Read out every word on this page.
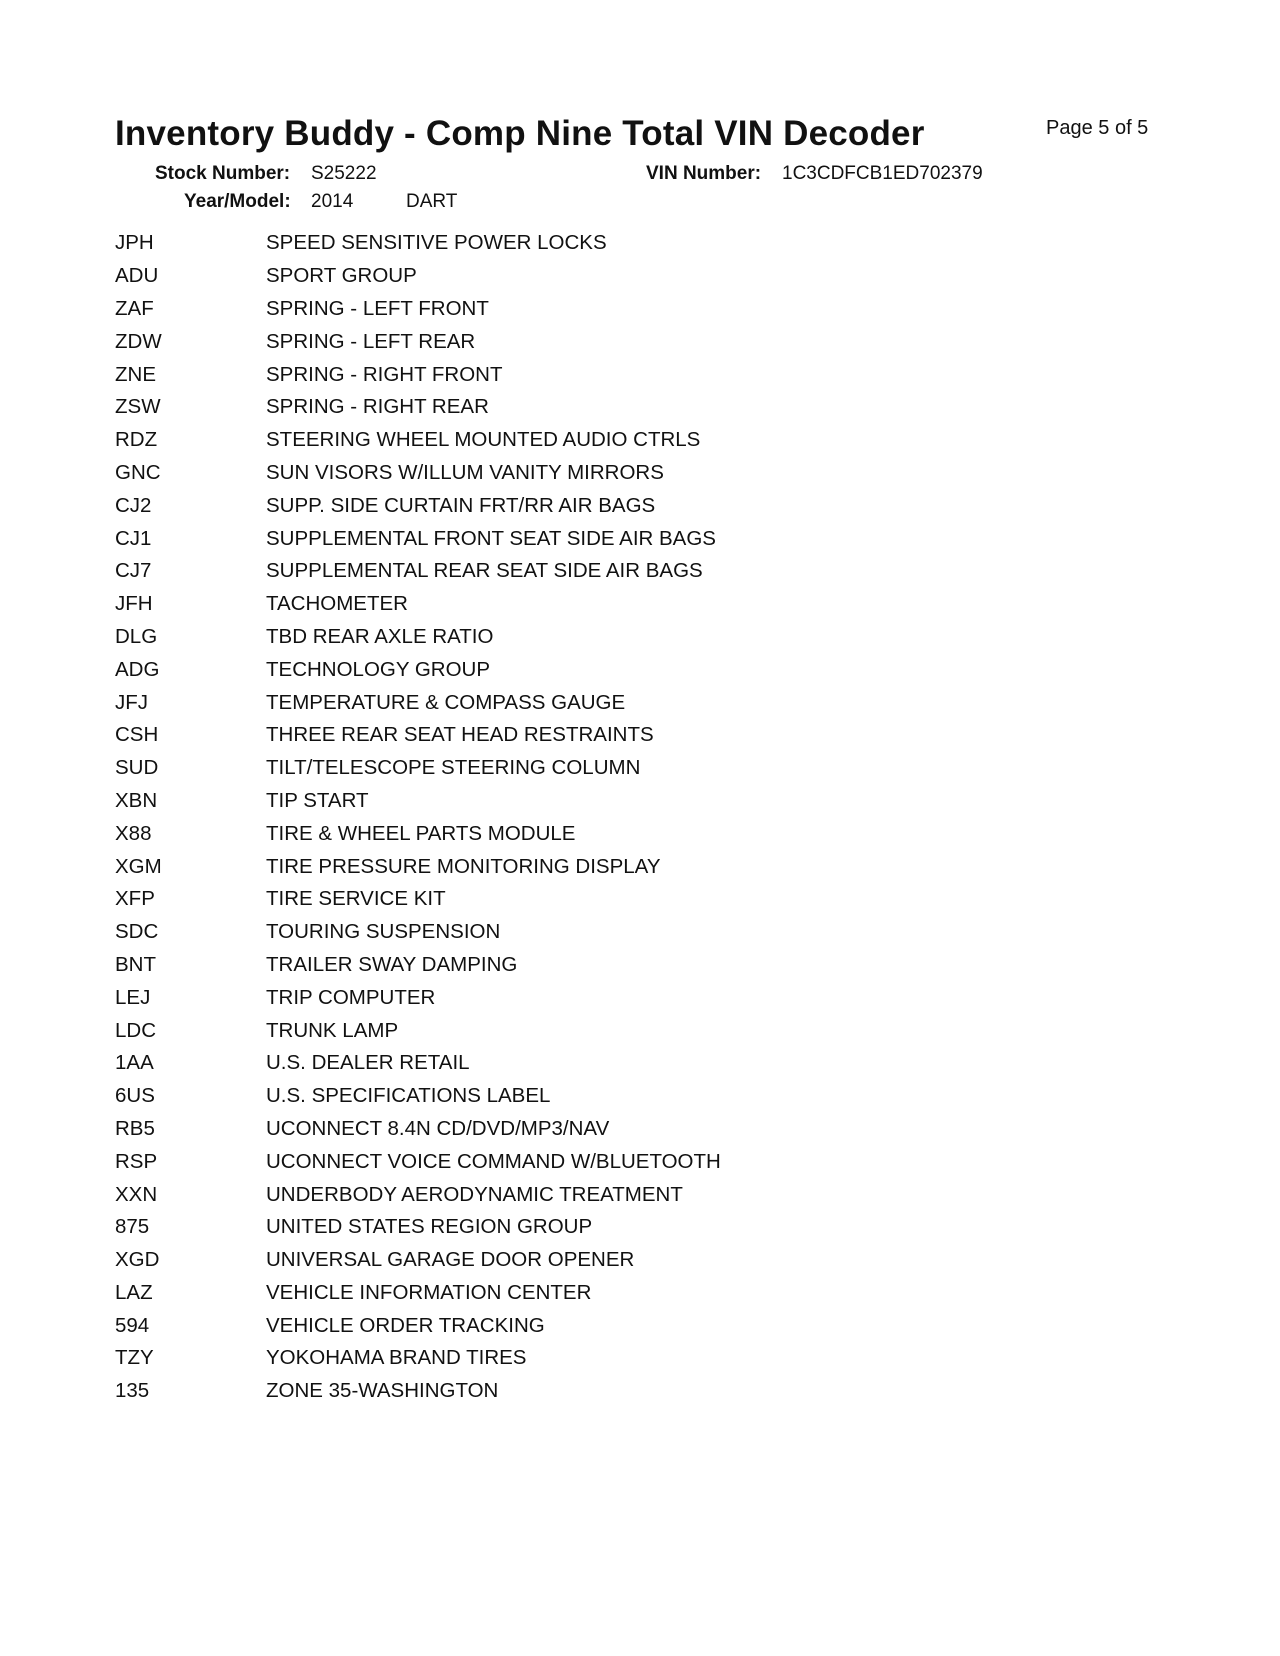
Inventory Buddy - Comp Nine Total VIN Decoder	Page 5 of 5
Stock Number: S25222	VIN Number: 1C3CDFCB1ED702379
Year/Model: 2014	DART
JPH	SPEED SENSITIVE POWER LOCKS
ADU	SPORT GROUP
ZAF	SPRING - LEFT FRONT
ZDW	SPRING - LEFT REAR
ZNE	SPRING - RIGHT FRONT
ZSW	SPRING - RIGHT REAR
RDZ	STEERING WHEEL MOUNTED AUDIO CTRLS
GNC	SUN VISORS W/ILLUM VANITY MIRRORS
CJ2	SUPP. SIDE CURTAIN FRT/RR AIR BAGS
CJ1	SUPPLEMENTAL FRONT SEAT SIDE AIR BAGS
CJ7	SUPPLEMENTAL REAR SEAT SIDE AIR BAGS
JFH	TACHOMETER
DLG	TBD REAR AXLE RATIO
ADG	TECHNOLOGY GROUP
JFJ	TEMPERATURE & COMPASS GAUGE
CSH	THREE REAR SEAT HEAD RESTRAINTS
SUD	TILT/TELESCOPE STEERING COLUMN
XBN	TIP START
X88	TIRE & WHEEL PARTS MODULE
XGM	TIRE PRESSURE MONITORING DISPLAY
XFP	TIRE SERVICE KIT
SDC	TOURING SUSPENSION
BNT	TRAILER SWAY DAMPING
LEJ	TRIP COMPUTER
LDC	TRUNK LAMP
1AA	U.S. DEALER RETAIL
6US	U.S. SPECIFICATIONS LABEL
RB5	UCONNECT 8.4N CD/DVD/MP3/NAV
RSP	UCONNECT VOICE COMMAND W/BLUETOOTH
XXN	UNDERBODY AERODYNAMIC TREATMENT
875	UNITED STATES REGION GROUP
XGD	UNIVERSAL GARAGE DOOR OPENER
LAZ	VEHICLE INFORMATION CENTER
594	VEHICLE ORDER TRACKING
TZY	YOKOHAMA BRAND TIRES
135	ZONE 35-WASHINGTON
